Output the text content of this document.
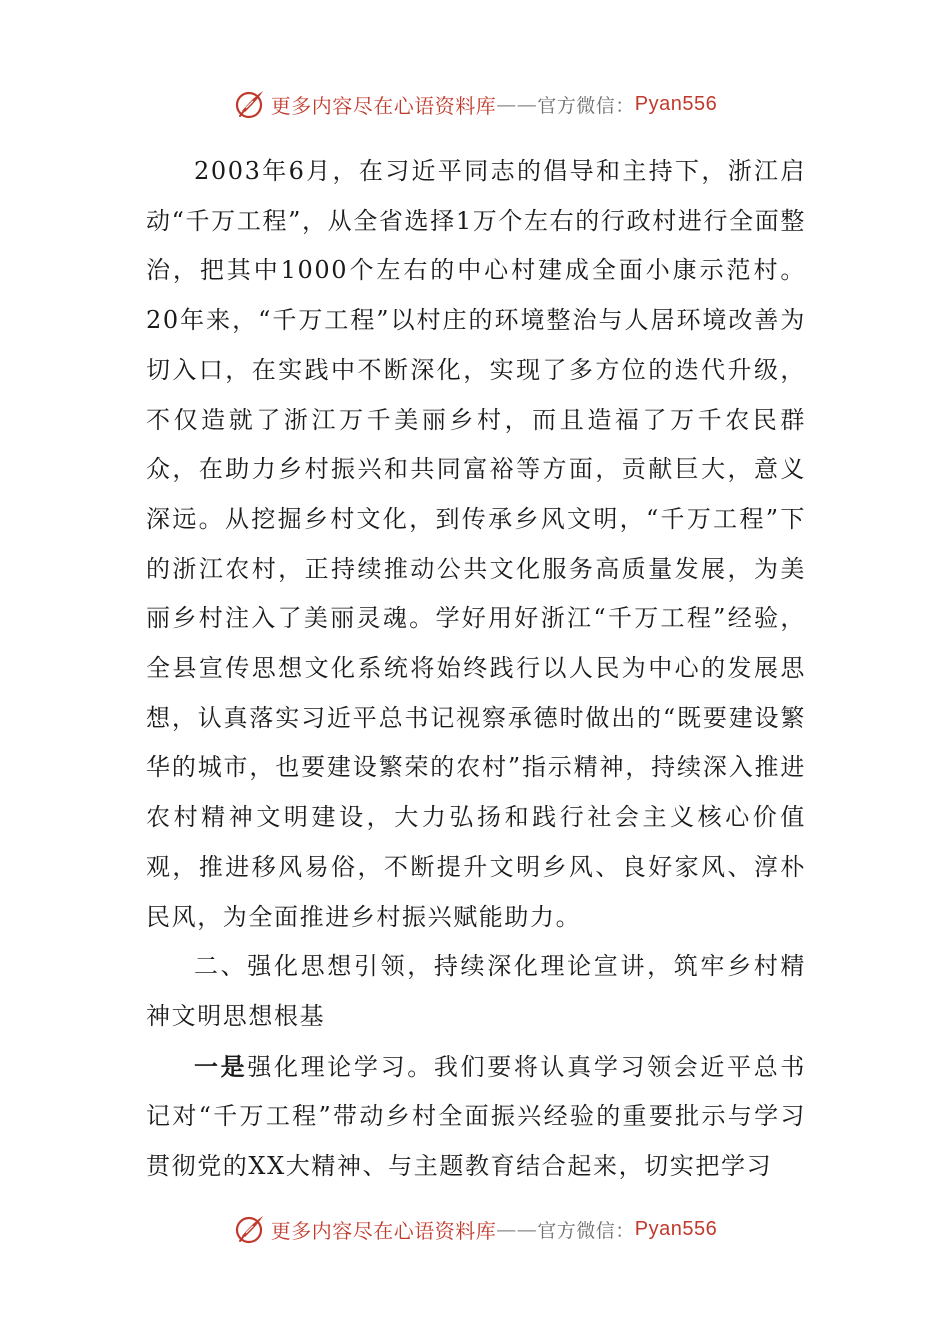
更多内容尽在心语资料库 —— 官方微信： Pyan556

2003年6月，在习近平同志的倡导和主持下，浙江启动“千万工程”，从全省选择1万个左右的行政村进行全面整治，把其中1000个左右的中心村建成全面小康示范村。20年来，“千万工程”以村庄的环境整治与人居环境改善为切入口，在实践中不断深化，实现了多方位的迭代升级，不仅造就了浙江万千美丽乡村，而且造福了万千农民群众，在助力乡村振兴和共同富裕等方面，贡献巨大，意义深远。从挖掘乡村文化，到传承乡风文明，“千万工程”下的浙江农村，正持续推动公共文化服务高质量发展，为美丽乡村注入了美丽灵魂。学好用好浙江“千万工程”经验，全县宣传思想文化系统将始终践行以人民为中心的发展思想，认真落实习近平总书记视察承德时做出的“既要建设繁华的城市，也要建设繁荣的农村”指示精神，持续深入推进农村精神文明建设，大力弘扬和践行社会主义核心价值观，推进移风易俗，不断提升文明乡风、良好家风、淳朴民风，为全面推进乡村振兴赋能助力。

二、强化思想引领，持续深化理论宣讲，筑牢乡村精神文明思想根基

一是强化理论学习。我们要将认真学习领会近平总书记对“千万工程”带动乡村全面振兴经验的重要批示与学习贯彻党的XX大精神、与主题教育结合起来，切实把学习

更多内容尽在心语资料库 —— 官方微信： Pyan556
